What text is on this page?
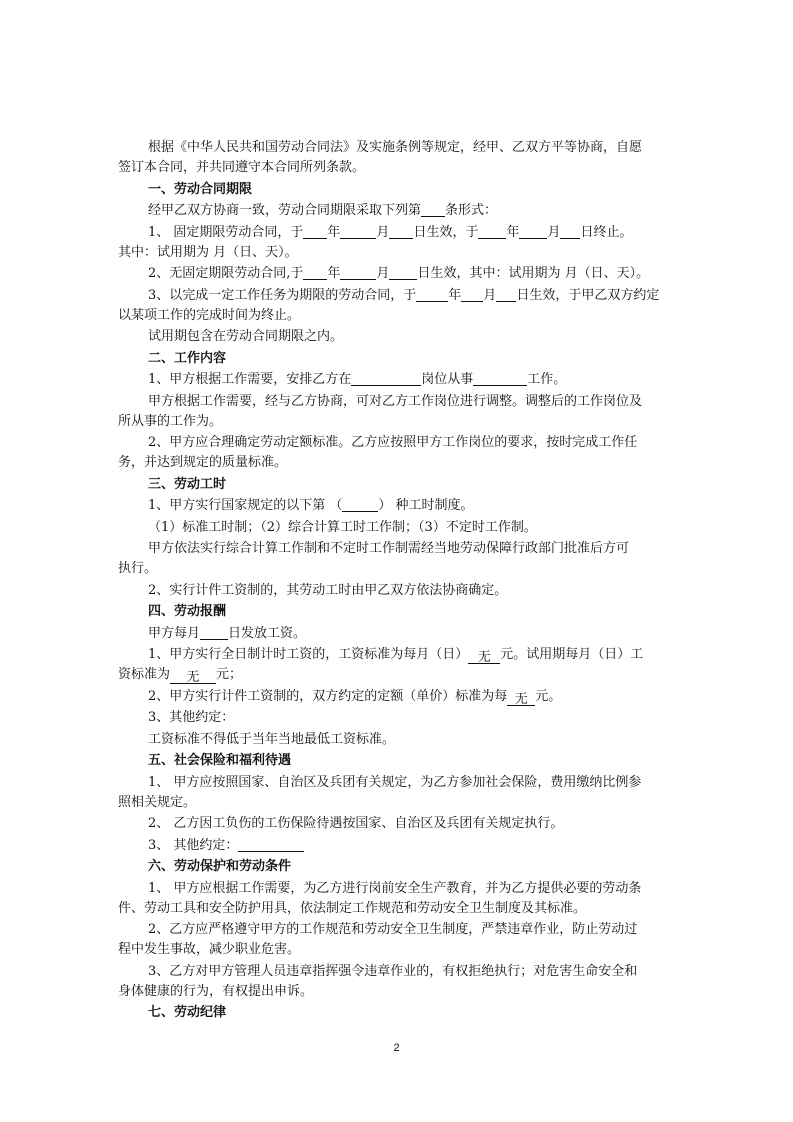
根据《中华人民共和国劳动合同法》及实施条例等规定，经甲、乙双方平等协商，自愿

签订本合同，并共同遵守本合同所列条款。

一、劳动合同期限

经甲乙双方协商一致，劳动合同期限采取下列第 条形式：

1、 固定期限劳动合同，于 年	月 日生效，于 年 月 日终止。

其中：试用期为 月（日、天）。

2、无固定期限劳动合同,于 年	月 日生效，其中：试用期为 月（日、天）。

3、以完成一定工作任务为期限的劳动合同，于 年 月 日生效，于甲乙双方约定

以某项工作的完成时间为终止。

试用期包含在劳动合同期限之内。

二、工作内容

1、甲方根据工作需要，安排乙方在	岗位从事	工作。

甲方根据工作需要，经与乙方协商，可对乙方工作岗位进行调整。调整后的工作岗位及

所从事的工作为。

2、甲方应合理确定劳动定额标准。乙方应按照甲方工作岗位的要求，按时完成工作任

务，并达到规定的质量标准。

三、劳动工时

1、甲方实行国家规定的以下第 （	） 种工时制度。

（1）标准工时制；（2）综合计算工时工作制；（3）不定时工作制。

甲方依法实行综合计算工作制和不定时工作制需经当地劳动保障行政部门批准后方可

执行。

2、实行计件工资制的，其劳动工时由甲乙双方依法协商确定。

四、劳动报酬

甲方每月 日发放工资。

1、甲方实行全日制计时工资的，工资标准为每月（日） 无 元。试用期每月（日）工

资标准为 无 元；

2、甲方实行计件工资制的，双方约定的定额（单价）标准为每 无 元。

3、其他约定：

工资标准不得低于当年当地最低工资标准。

五、社会保险和福利待遇

1、 甲方应按照国家、自治区及兵团有关规定，为乙方参加社会保险，费用缴纳比例参

照相关规定。

2、 乙方因工负伤的工伤保险待遇按国家、自治区及兵团有关规定执行。

3、 其他约定：

六、劳动保护和劳动条件

1、 甲方应根据工作需要，为乙方进行岗前安全生产教育，并为乙方提供必要的劳动条

件、劳动工具和安全防护用具，依法制定工作规范和劳动安全卫生制度及其标准。

2、乙方应严格遵守甲方的工作规范和劳动安全卫生制度，严禁违章作业，防止劳动过

程中发生事故，减少职业危害。

3、乙方对甲方管理人员违章指挥强令违章作业的，有权拒绝执行；对危害生命安全和

身体健康的行为，有权提出申诉。

七、劳动纪律

2
